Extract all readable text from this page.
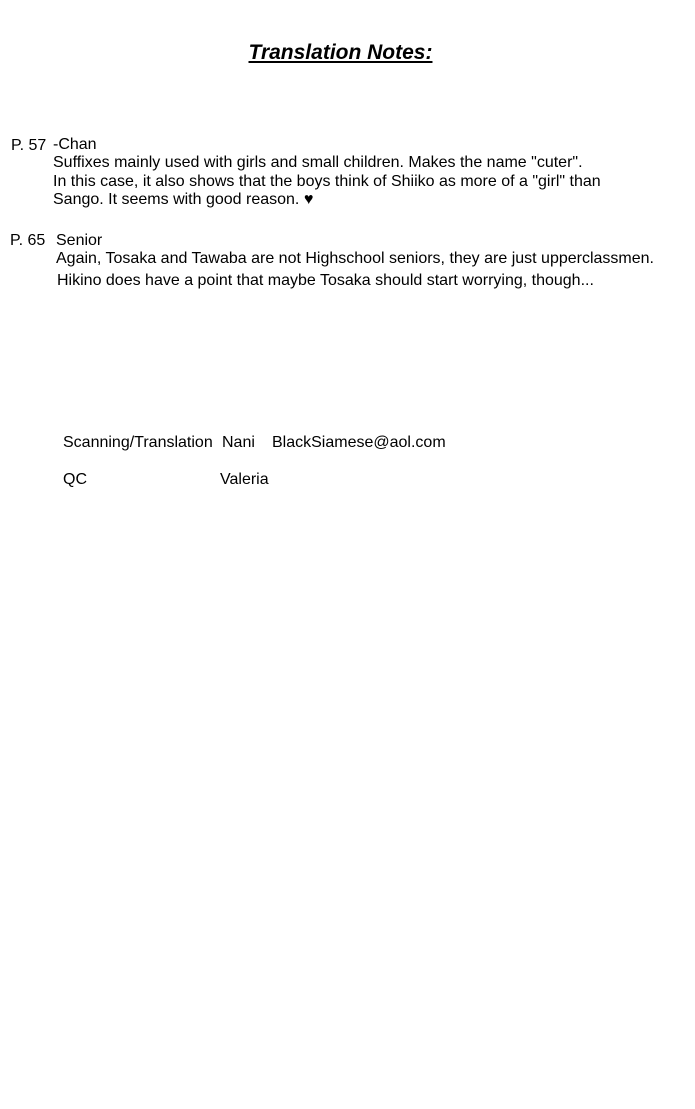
Translation Notes:
P. 57 -Chan
Suffixes mainly used with girls and small children. Makes the name "cuter".
In this case, it also shows that the boys think of Shiiko as more of a "girl" than
Sango. It seems with good reason. ♥
P. 65 Senior
Again, Tosaka and Tawaba are not Highschool seniors, they are just upperclassmen.
Hikino does have a point that maybe Tosaka should start worrying, though...
Scanning/Translation Nani BlackSiamese@aol.com
QC	Valeria
